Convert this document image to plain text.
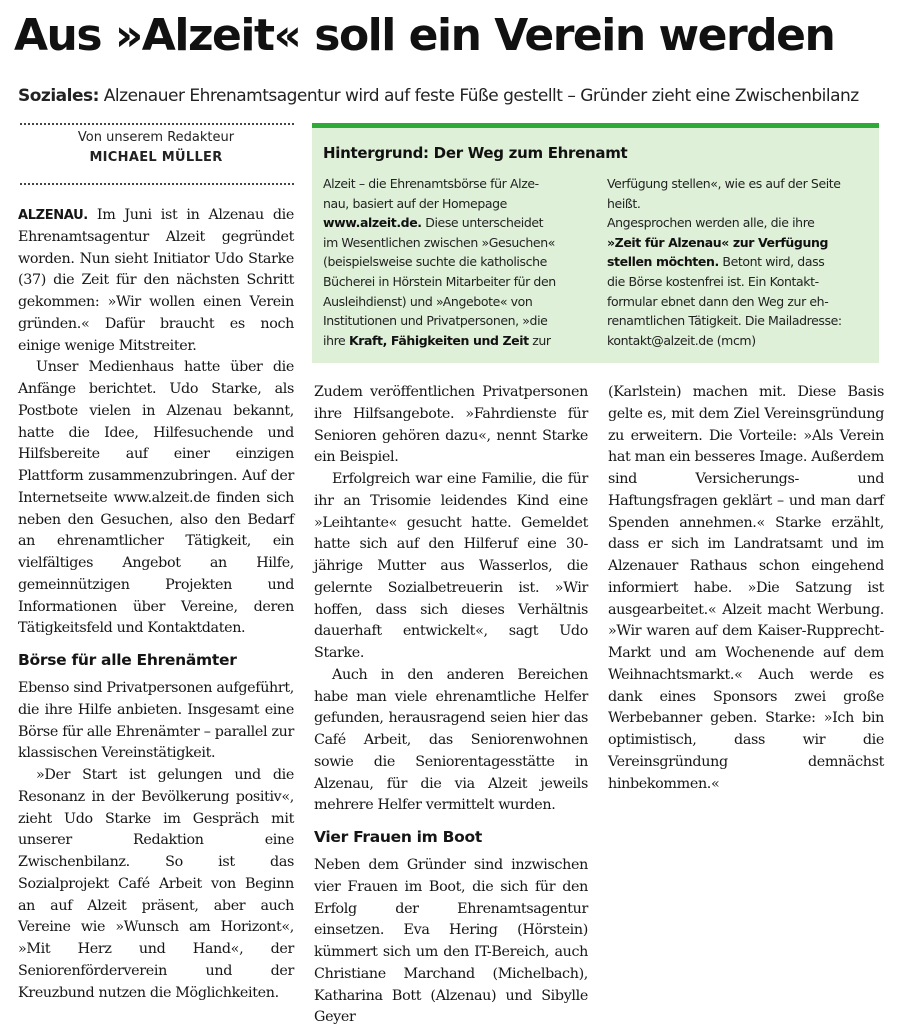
Aus »Alzeit« soll ein Verein werden
Soziales: Alzenauer Ehrenamtsagentur wird auf feste Füße gestellt – Gründer zieht eine Zwischenbilanz
Von unserem Redakteur
MICHAEL MÜLLER	Hintergrund: Der Weg zum Ehrenamt
Alzeit – die Ehrenamtsbörse für Alze-
nau, basiert auf der Homepage
www.alzeit.de. Diese unterscheidet
im Wesentlichen zwischen »Gesuchen«
(beispielsweise suchte die katholische
Bücherei in Hörstein Mitarbeiter für den
Ausleihdienst) und »Angebote« von
Institutionen und Privatpersonen, »die
ihre Kraft, Fähigkeiten und Zeit zur
Verfügung stellen«, wie es auf der Seite
heißt.
Angesprochen werden alle, die ihre
»Zeit für Alzenau« zur Verfügung
stellen möchten. Betont wird, dass
die Börse kostenfrei ist. Ein Kontakt-
formular ebnet dann den Weg zur eh-
renamtlichen Tätigkeit. Die Mailadresse:
kontakt@alzeit.de (mcm)

ALZENAU. Im Juni ist in Alzenau die Ehrenamtsagentur Alzeit gegründet worden. Nun sieht Initiator Udo Starke (37) die Zeit für den nächsten Schritt gekommen: »Wir wollen einen Verein gründen.« Dafür braucht es noch einige wenige Mitstreiter.

Unser Medienhaus hatte über die Anfänge berichtet. Udo Starke, als Postbote vielen in Alzenau bekannt, hatte die Idee, Hilfesuchende und Hilfsbereite auf einer einzigen Plattform zusammenzubringen. Auf der Internetseite www.alzeit.de finden sich neben den Gesuchen, also den Bedarf an ehrenamtlicher Tätigkeit, ein vielfältiges Angebot an Hilfe, gemeinnützigen Projekten und Informationen über Vereine, deren Tätigkeitsfeld und Kontaktdaten.

Börse für alle Ehrenämter

Ebenso sind Privatpersonen aufgeführt, die ihre Hilfe anbieten. Insgesamt eine Börse für alle Ehrenämter – parallel zur klassischen Vereinstätigkeit.

»Der Start ist gelungen und die Resonanz in der Bevölkerung positiv«, zieht Udo Starke im Gespräch mit unserer Redaktion eine Zwischenbilanz. So ist das Sozialprojekt Café Arbeit von Beginn an auf Alzeit präsent, aber auch Vereine wie »Wunsch am Horizont«, »Mit Herz und Hand«, der Seniorenförderverein und der Kreuzbund nutzen die Möglichkeiten.

Zudem veröffentlichen Privatpersonen ihre Hilfsangebote. »Fahrdienste für Senioren gehören dazu«, nennt Starke ein Beispiel.

Erfolgreich war eine Familie, die für ihr an Trisomie leidendes Kind eine »Leihtante« gesucht hatte. Gemeldet hatte sich auf den Hilferuf eine 30-jährige Mutter aus Wasserlos, die gelernte Sozialbetreuerin ist. »Wir hoffen, dass sich dieses Verhältnis dauerhaft entwickelt«, sagt Udo Starke.

Auch in den anderen Bereichen habe man viele ehrenamtliche Helfer gefunden, herausragend seien hier das Café Arbeit, das Seniorenwohnen sowie die Seniorentagesstätte in Alzenau, für die via Alzeit jeweils mehrere Helfer vermittelt wurden.

Vier Frauen im Boot

Neben dem Gründer sind inzwischen vier Frauen im Boot, die sich für den Erfolg der Ehrenamtsagentur einsetzen. Eva Hering (Hörstein) kümmert sich um den IT-Bereich, auch Christiane Marchand (Michelbach), Katharina Bott (Alzenau) und Sibylle Geyer

(Karlstein) machen mit. Diese Basis gelte es, mit dem Ziel Vereinsgründung zu erweitern. Die Vorteile: »Als Verein hat man ein besseres Image. Außerdem sind Versicherungs- und Haftungsfragen geklärt – und man darf Spenden annehmen.« Starke erzählt, dass er sich im Landratsamt und im Alzenauer Rathaus schon eingehend informiert habe. »Die Satzung ist ausgearbeitet.« Alzeit macht Werbung. »Wir waren auf dem Kaiser-Rupprecht-Markt und am Wochenende auf dem Weihnachtsmarkt.« Auch werde es dank eines Sponsors zwei große Werbebanner geben. Starke: »Ich bin optimistisch, dass wir die Vereinsgründung demnächst hinbekommen.«
